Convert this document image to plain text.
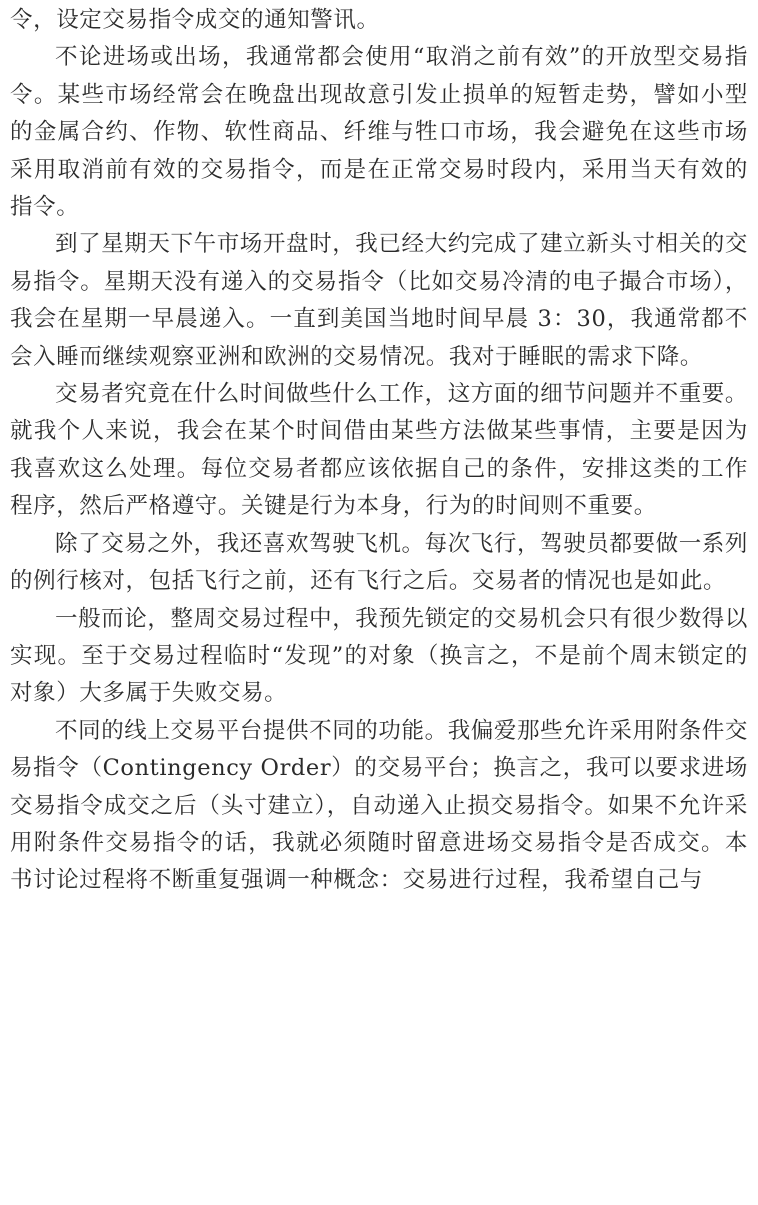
令，设定交易指令成交的通知警讯。

不论进场或出场，我通常都会使用“取消之前有效”的开放型交易指令。某些市场经常会在晚盘出现故意引发止损单的短暂走势，譬如小型的金属合约、作物、软性商品、纤维与牲口市场，我会避免在这些市场采用取消前有效的交易指令，而是在正常交易时段内，采用当天有效的指令。

到了星期天下午市场开盘时，我已经大约完成了建立新头寸相关的交易指令。星期天没有递入的交易指令（比如交易冷清的电子撮合市场），我会在星期一早晨递入。一直到美国当地时间早晨 3：30，我通常都不会入睡而继续观察亚洲和欧洲的交易情况。我对于睡眠的需求下降。

交易者究竟在什么时间做些什么工作，这方面的细节问题并不重要。就我个人来说，我会在某个时间借由某些方法做某些事情，主要是因为我喜欢这么处理。每位交易者都应该依据自己的条件，安排这类的工作程序，然后严格遵守。关键是行为本身，行为的时间则不重要。

除了交易之外，我还喜欢驾驶飞机。每次飞行，驾驶员都要做一系列的例行核对，包括飞行之前，还有飞行之后。交易者的情况也是如此。

一般而论，整周交易过程中，我预先锁定的交易机会只有很少数得以实现。至于交易过程临时“发现”的对象（换言之，不是前个周末锁定的对象）大多属于失败交易。

不同的线上交易平台提供不同的功能。我偏爱那些允许采用附条件交易指令（Contingency Order）的交易平台；换言之，我可以要求进场交易指令成交之后（头寸建立），自动递入止损交易指令。如果不允许采用附条件交易指令的话，我就必须随时留意进场交易指令是否成交。本书讨论过程将不断重复强调一种概念：交易进行过程，我希望自己与
